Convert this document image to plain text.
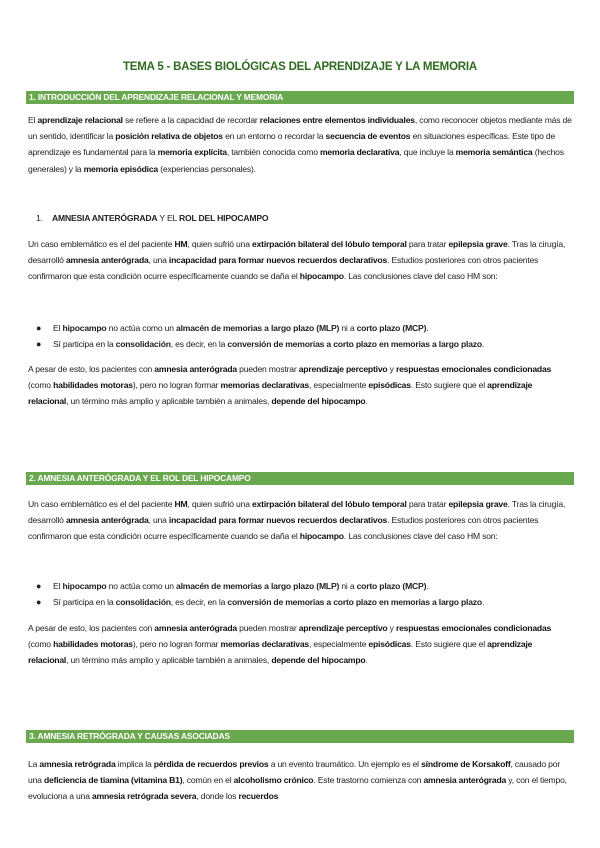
TEMA 5 - BASES BIOLÓGICAS DEL APRENDIZAJE Y LA MEMORIA
1. INTRODUCCIÓN DEL APRENDIZAJE RELACIONAL Y MEMORIA

El aprendizaje relacional se refiere a la capacidad de recordar relaciones entre elementos individuales, como reconocer objetos mediante más de un sentido, identificar la posición relativa de objetos en un entorno o recordar la secuencia de eventos en situaciones específicas. Este tipo de aprendizaje es fundamental para la memoria explícita, también conocida como memoria declarativa, que incluye la memoria semántica (hechos generales) y la memoria episódica (experiencias personales).

1. AMNESIA ANTERÓGRADA Y EL ROL DEL HIPOCAMPO

Un caso emblemático es el del paciente HM, quien sufrió una extirpación bilateral del lóbulo temporal para tratar epilepsia grave. Tras la cirugía, desarrolló amnesia anterógrada, una incapacidad para formar nuevos recuerdos declarativos. Estudios posteriores con otros pacientes confirmaron que esta condición ocurre específicamente cuando se daña el hipocampo. Las conclusiones clave del caso HM son:

● El hipocampo no actúa como un almacén de memorias a largo plazo (MLP) ni a corto plazo (MCP).
● Sí participa en la consolidación, es decir, en la conversión de memorias a corto plazo en memorias a largo plazo.

A pesar de esto, los pacientes con amnesia anterógrada pueden mostrar aprendizaje perceptivo y respuestas emocionales condicionadas (como habilidades motoras), pero no logran formar memorias declarativas, especialmente episódicas. Esto sugiere que el aprendizaje relacional, un término más amplio y aplicable también a animales, depende del hipocampo.

2. AMNESIA ANTERÓGRADA Y EL ROL DEL HIPOCAMPO

Un caso emblemático es el del paciente HM, quien sufrió una extirpación bilateral del lóbulo temporal para tratar epilepsia grave. Tras la cirugía, desarrolló amnesia anterógrada, una incapacidad para formar nuevos recuerdos declarativos. Estudios posteriores con otros pacientes confirmaron que esta condición ocurre específicamente cuando se daña el hipocampo. Las conclusiones clave del caso HM son:

● El hipocampo no actúa como un almacén de memorias a largo plazo (MLP) ni a corto plazo (MCP).
● Sí participa en la consolidación, es decir, en la conversión de memorias a corto plazo en memorias a largo plazo.

A pesar de esto, los pacientes con amnesia anterógrada pueden mostrar aprendizaje perceptivo y respuestas emocionales condicionadas (como habilidades motoras), pero no logran formar memorias declarativas, especialmente episódicas. Esto sugiere que el aprendizaje relacional, un término más amplio y aplicable también a animales, depende del hipocampo.

3. AMNESIA RETRÓGRADA Y CAUSAS ASOCIADAS

La amnesia retrógrada implica la pérdida de recuerdos previos a un evento traumático. Un ejemplo es el síndrome de Korsakoff, causado por una deficiencia de tiamina (vitamina B1), común en el alcoholismo crónico. Este trastorno comienza con amnesia anterógrada y, con el tiempo, evoluciona a una amnesia retrógrada severa, donde los recuerdos
